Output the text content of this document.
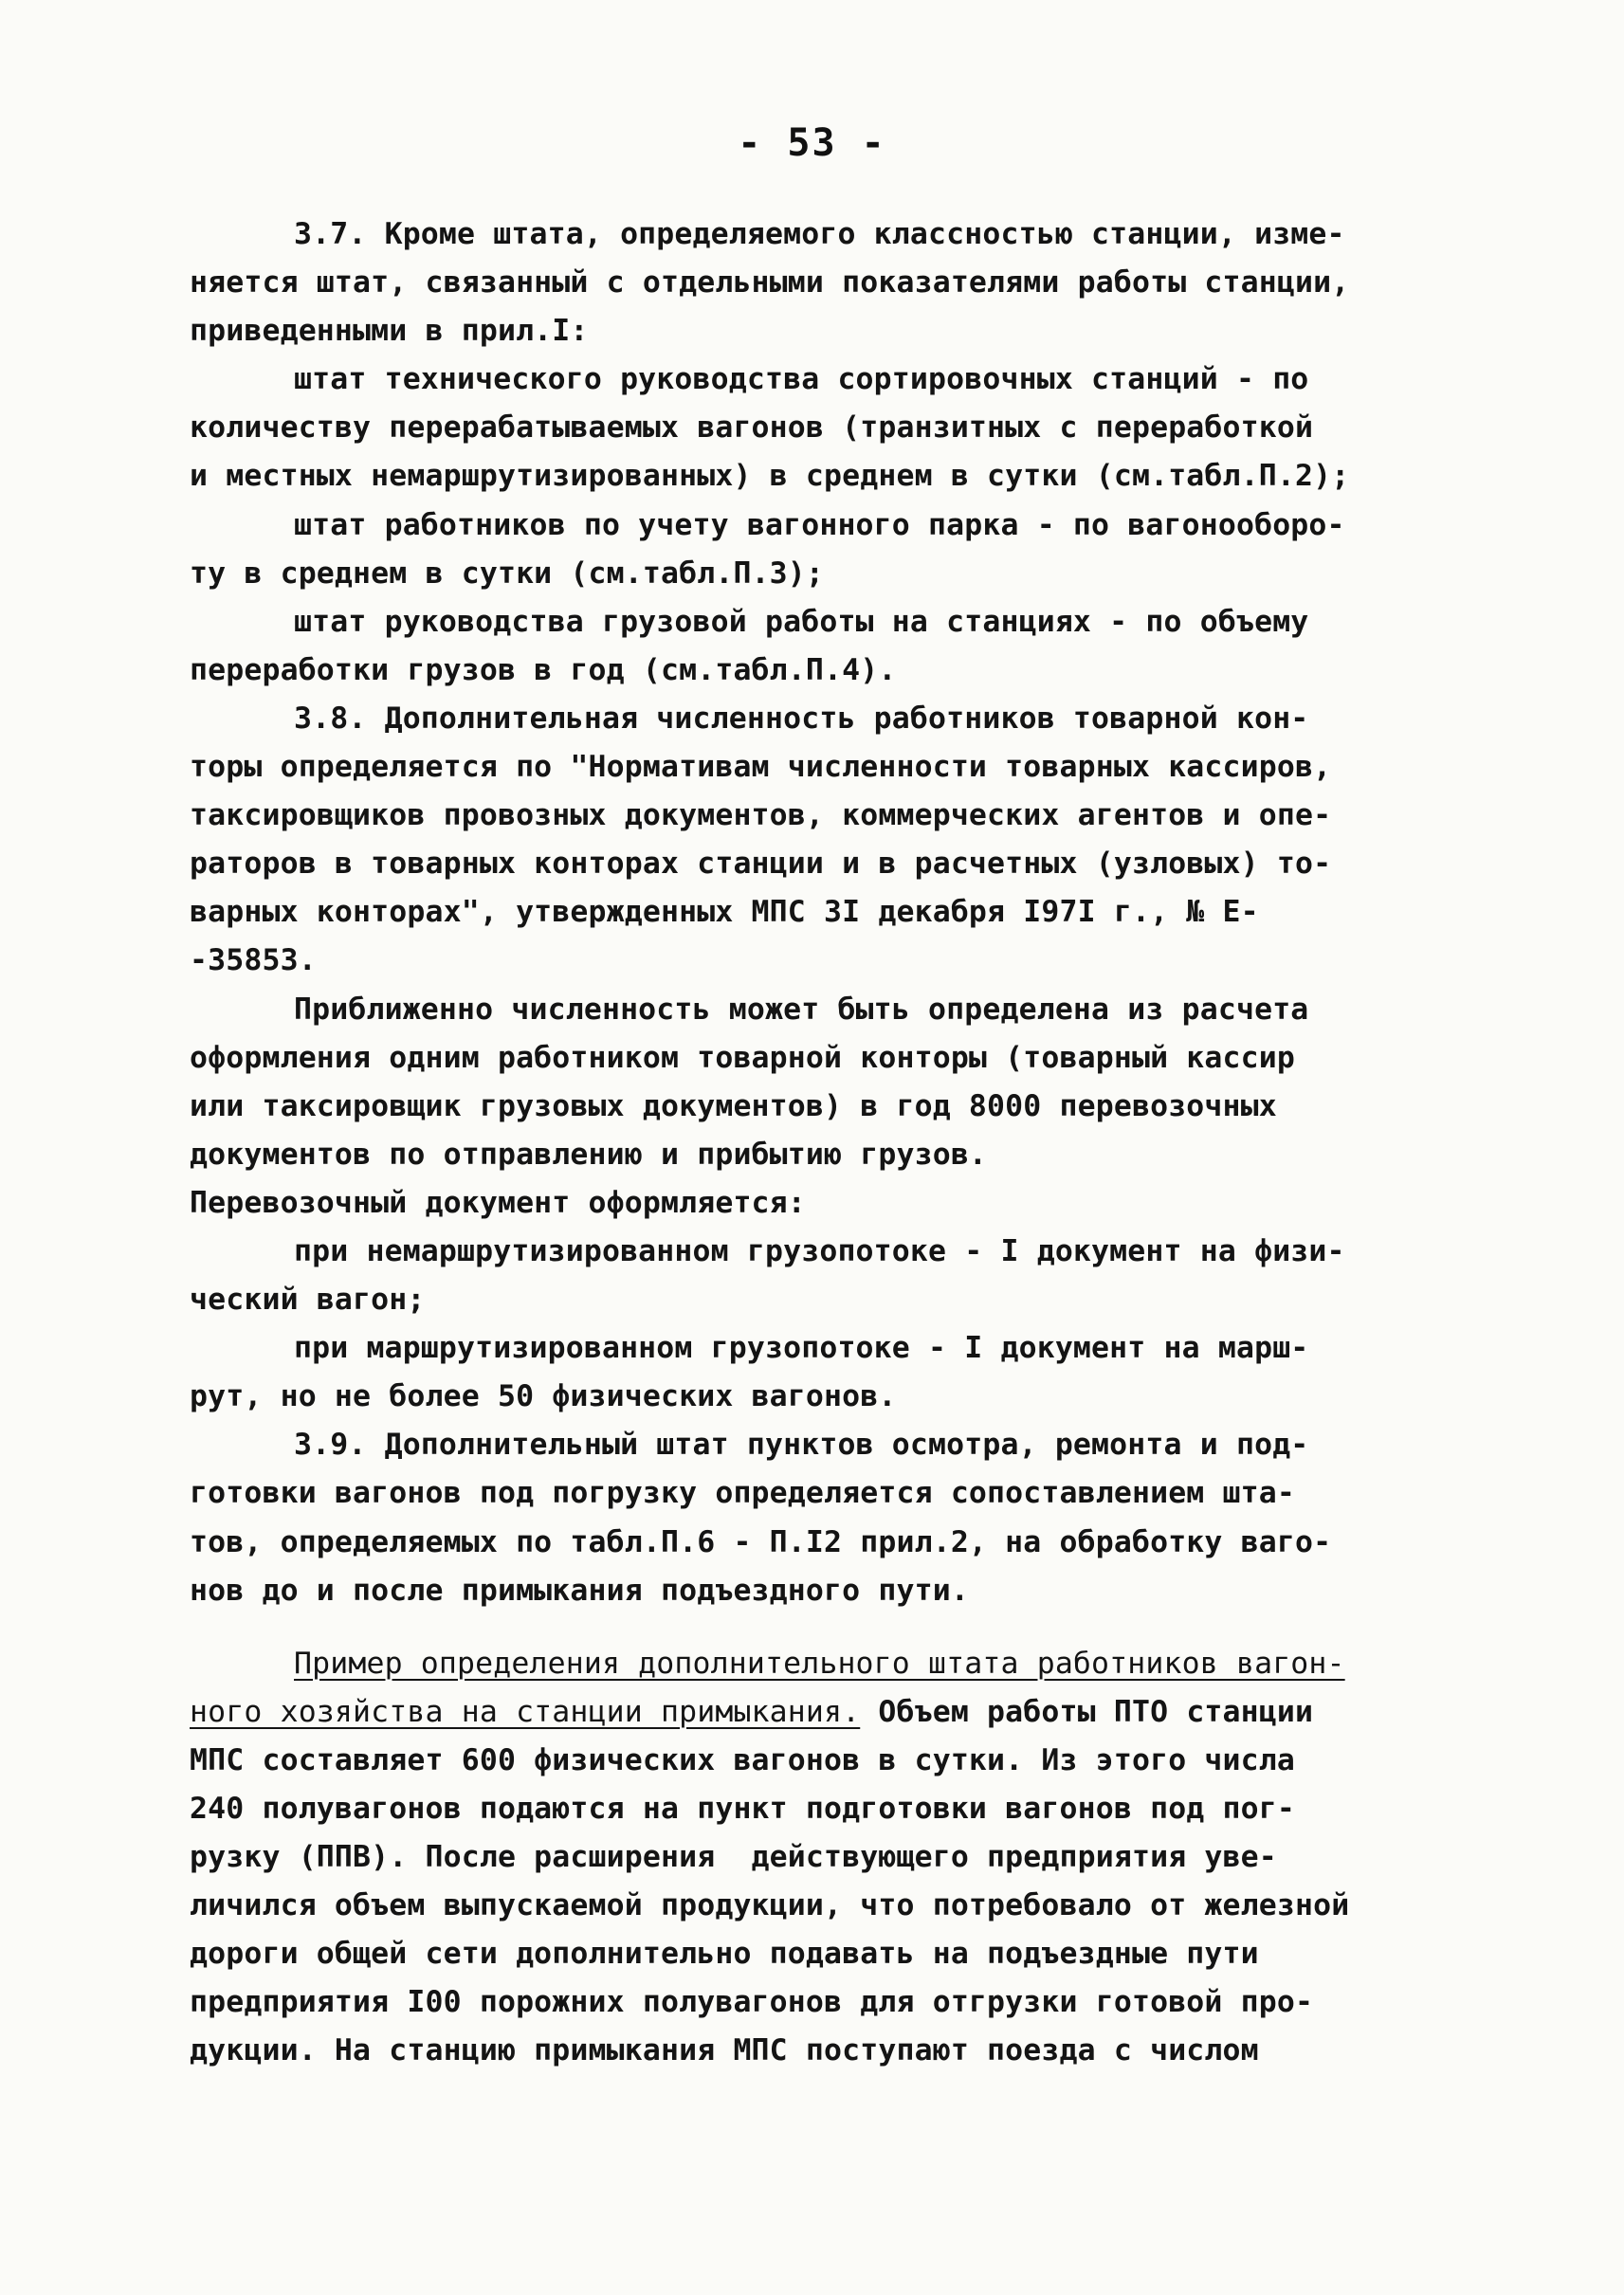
- 53 -
3.7. Кроме штата, определяемого классностью станции, изме-
няется штат, связанный с отдельными показателями работы станции,
приведенными в прил.I:
штат технического руководства сортировочных станций - по
количеству перерабатываемых вагонов (транзитных с переработкой
и местных немаршрутизированных) в среднем в сутки (см.табл.П.2);
штат работников по учету вагонного парка - по вагонооборо-
ту в среднем в сутки (см.табл.П.3);
штат руководства грузовой работы на станциях - по объему
переработки грузов в год (см.табл.П.4).
3.8. Дополнительная численность работников товарной кон-
торы определяется по "Нормативам численности товарных кассиров,
таксировщиков провозных документов, коммерческих агентов и опе-
раторов в товарных конторах станции и в расчетных (узловых) то-
варных конторах", утвержденных МПС 3I декабря I97I г., № Е-
-35853.
Приближенно численность может быть определена из расчета
оформления одним работником товарной конторы (товарный кассир
или таксировщик грузовых документов) в год 8000 перевозочных
документов по отправлению и прибытию грузов.
Перевозочный документ оформляется:
при немаршрутизированном грузопотоке - I документ на физи-
ческий вагон;
при маршрутизированном грузопотоке - I документ на марш-
рут, но не более 50 физических вагонов.
3.9. Дополнительный штат пунктов осмотра, ремонта и под-
готовки вагонов под погрузку определяется сопоставлением шта-
тов, определяемых по табл.П.6 - П.I2 прил.2, на обработку ваго-
нов до и после примыкания подъездного пути.
Пример определения дополнительного штата работников вагон-
ного хозяйства на станции примыкания. Объем работы ПТО станции
МПС составляет 600 физических вагонов в сутки. Из этого числа
240 полувагонов подаются на пункт подготовки вагонов под пог-
рузку (ППВ). После расширения  действующего предприятия уве-
личился объем выпускаемой продукции, что потребовало от железной
дороги общей сети дополнительно подавать на подъездные пути
предприятия I00 порожних полувагонов для отгрузки готовой про-
дукции. На станцию примыкания МПС поступают поезда с числом
